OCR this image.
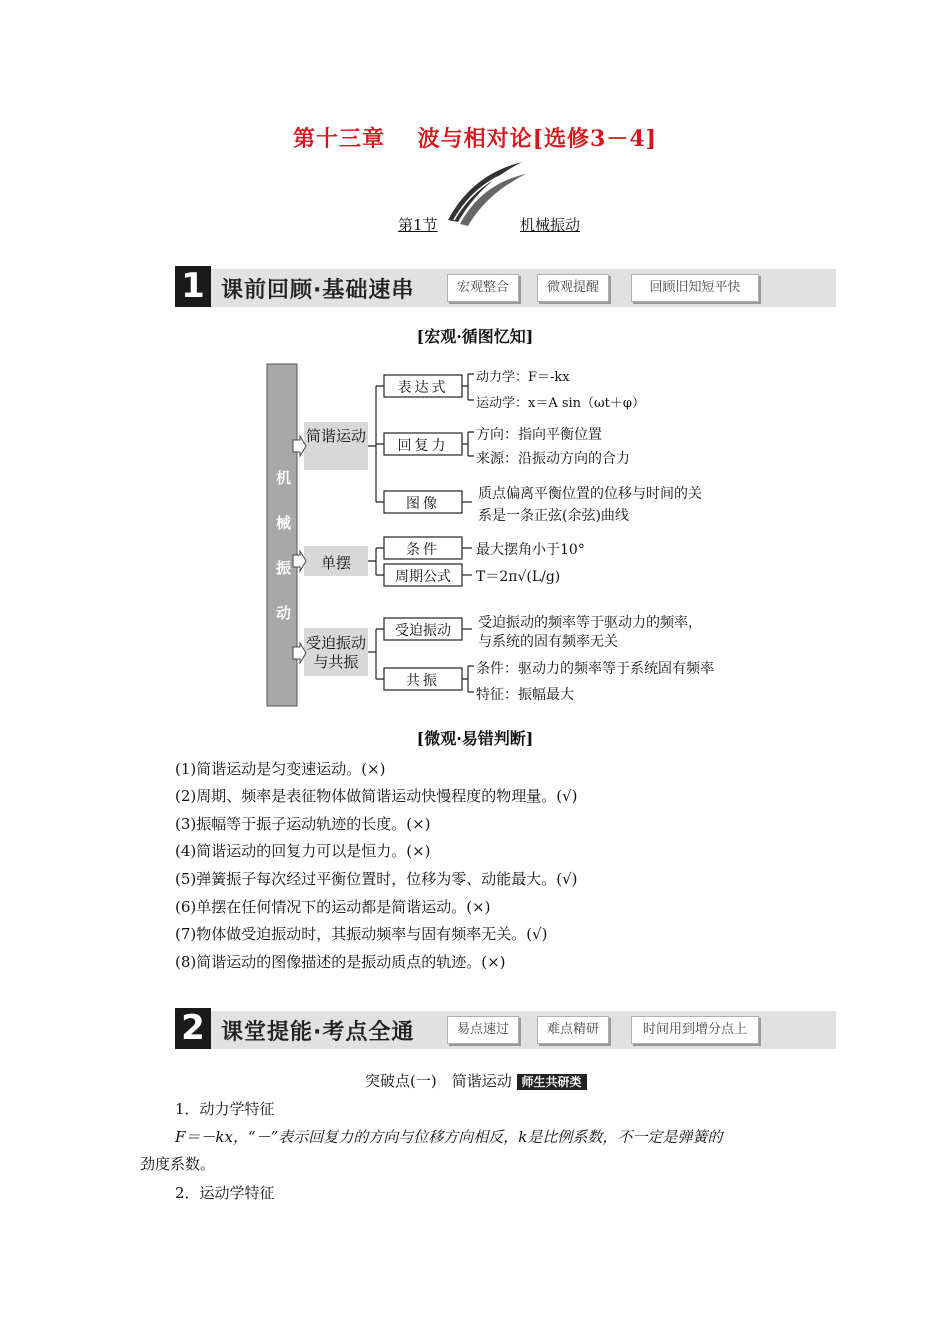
第十三章 波与相对论[选修3－4]
第1节	机械振动
1 课前回顾·基础速串	宏观整合	微观提醒	回顾旧知短平快
[宏观·循图忆知]
机
械
振
动
简谐运动
单摆
受迫振动与共振
表达式
回复力
图像
条件
周期公式
受迫振动
共振
动力学：F＝-kx
运动学：x＝A sin（ωt＋φ）
方向：指向平衡位置
来源：沿振动方向的合力
质点偏离平衡位置的位移与时间的关
系是一条正弦(余弦)曲线
最大摆角小于10°
T＝2π√(L/g)
受迫振动的频率等于驱动力的频率，
与系统的固有频率无关
条件：驱动力的频率等于系统固有频率
特征：振幅最大
[微观·易错判断]
(1)简谐运动是匀变速运动。(×)
(2)周期、频率是表征物体做简谐运动快慢程度的物理量。(√)
(3)振幅等于振子运动轨迹的长度。(×)
(4)简谐运动的回复力可以是恒力。(×)
(5)弹簧振子每次经过平衡位置时，位移为零、动能最大。(√)
(6)单摆在任何情况下的运动都是简谐运动。(×)
(7)物体做受迫振动时，其振动频率与固有频率无关。(√)
(8)简谐运动的图像描述的是振动质点的轨迹。(×)
2 课堂提能·考点全通	易点速过	难点精研	时间用到增分点上
突破点(一)　简谐运动 师生共研类
1．动力学特征
F＝－kx，“－”表示回复力的方向与位移方向相反，k是比例系数，不一定是弹簧的
劲度系数。
2．运动学特征
